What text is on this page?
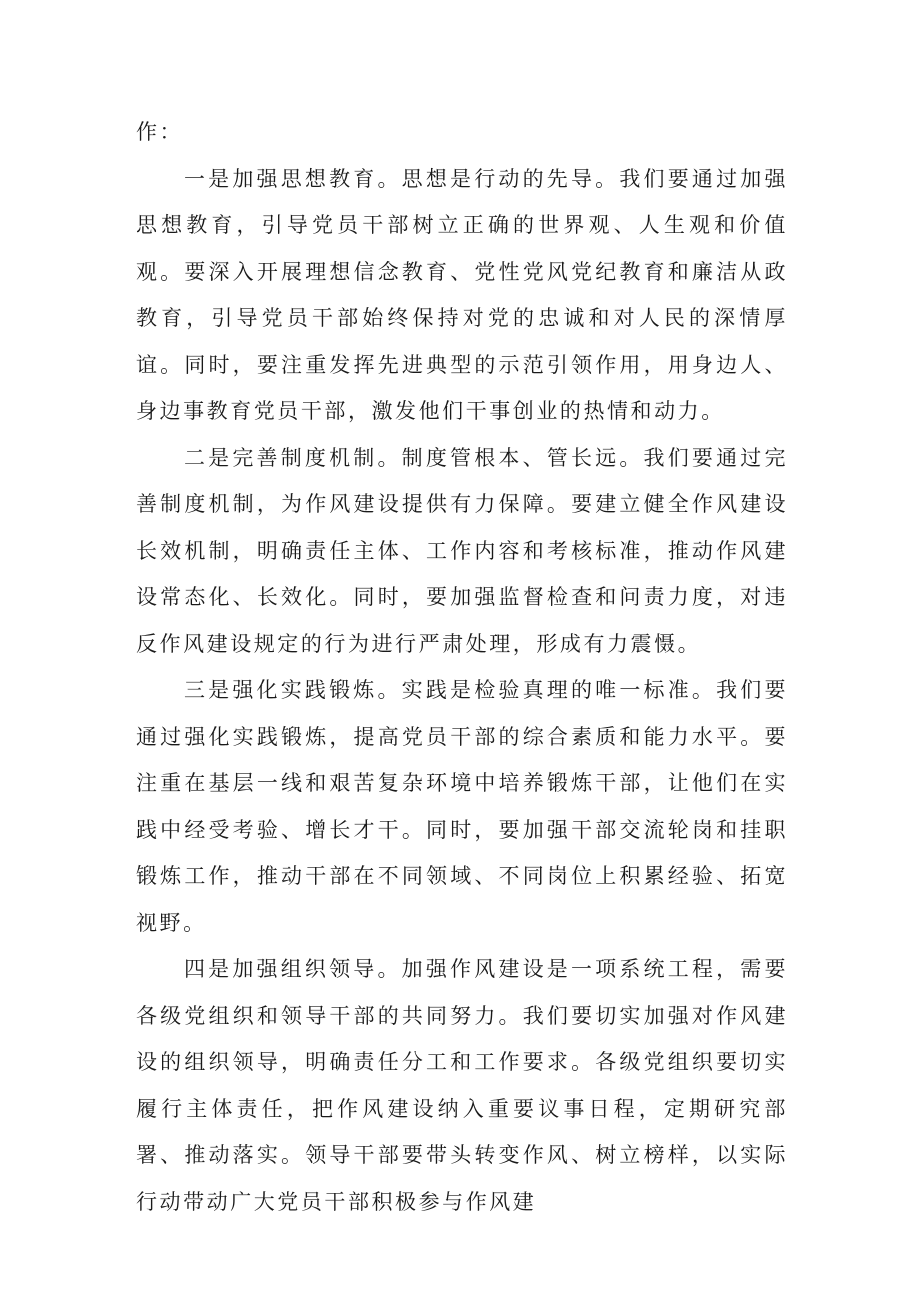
作：

一是加强思想教育。思想是行动的先导。我们要通过加强思想教育，引导党员干部树立正确的世界观、人生观和价值观。要深入开展理想信念教育、党性党风党纪教育和廉洁从政教育，引导党员干部始终保持对党的忠诚和对人民的深情厚谊。同时，要注重发挥先进典型的示范引领作用，用身边人、身边事教育党员干部，激发他们干事创业的热情和动力。

二是完善制度机制。制度管根本、管长远。我们要通过完善制度机制，为作风建设提供有力保障。要建立健全作风建设长效机制，明确责任主体、工作内容和考核标准，推动作风建设常态化、长效化。同时，要加强监督检查和问责力度，对违反作风建设规定的行为进行严肃处理，形成有力震慑。

三是强化实践锻炼。实践是检验真理的唯一标准。我们要通过强化实践锻炼，提高党员干部的综合素质和能力水平。要注重在基层一线和艰苦复杂环境中培养锻炼干部，让他们在实践中经受考验、增长才干。同时，要加强干部交流轮岗和挂职锻炼工作，推动干部在不同领域、不同岗位上积累经验、拓宽视野。

四是加强组织领导。加强作风建设是一项系统工程，需要各级党组织和领导干部的共同努力。我们要切实加强对作风建设的组织领导，明确责任分工和工作要求。各级党组织要切实履行主体责任，把作风建设纳入重要议事日程，定期研究部署、推动落实。领导干部要带头转变作风、树立榜样，以实际行动带动广大党员干部积极参与作风建
